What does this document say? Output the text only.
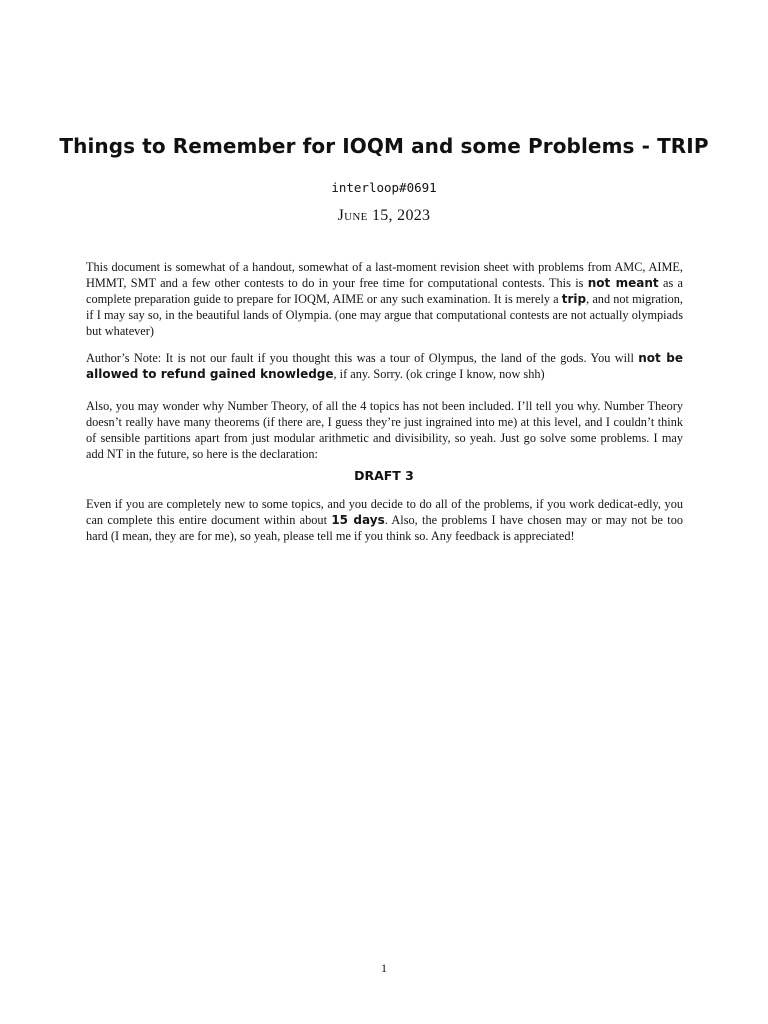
Things to Remember for IOQM and some Problems - TRIP
interloop#0691
June 15, 2023
This document is somewhat of a handout, somewhat of a last-moment revision sheet with problems from AMC, AIME, HMMT, SMT and a few other contests to do in your free time for computational contests. This is not meant as a complete preparation guide to prepare for IOQM, AIME or any such examination. It is merely a trip, and not migration, if I may say so, in the beautiful lands of Olympia. (one may argue that computational contests are not actually olympiads but whatever)
Author’s Note: It is not our fault if you thought this was a tour of Olympus, the land of the gods. You will not be allowed to refund gained knowledge, if any. Sorry. (ok cringe I know, now shh)
Also, you may wonder why Number Theory, of all the 4 topics has not been included. I’ll tell you why. Number Theory doesn’t really have many theorems (if there are, I guess they’re just ingrained into me) at this level, and I couldn’t think of sensible partitions apart from just modular arithmetic and divisibility, so yeah. Just go solve some problems. I may add NT in the future, so here is the declaration:
DRAFT 3
Even if you are completely new to some topics, and you decide to do all of the problems, if you work dedicat-edly, you can complete this entire document within about 15 days. Also, the problems I have chosen may or may not be too hard (I mean, they are for me), so yeah, please tell me if you think so. Any feedback is appreciated!
1
